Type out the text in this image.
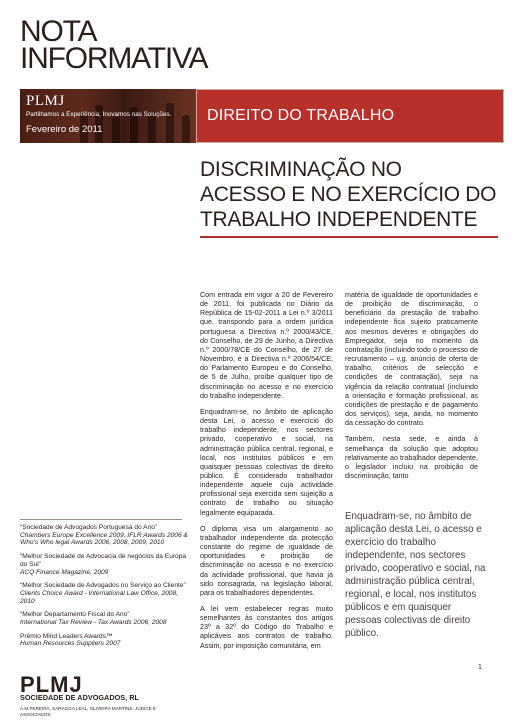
NOTA
INFORMATIVA
PLMJ
Partilhamos a Experiência, Inovamos nas Soluções.
Fevereiro de 2011
DIREITO DO TRABALHO
DISCRIMINAÇÃO NO
ACESSO E NO EXERCÍCIO DO
TRABALHO INDEPENDENTE

Com entrada em vigor a 20 de Fevereiro de 2011, foi publicada no Diário da República de 15-02-2011 a Lei n.º 3/2011 que, transpondo para a ordem jurídica portuguesa a Directiva n.º 2000/43/CE, do Conselho, de 29 de Junho, a Directiva n.º 2000/78/CE do Conselho, de 27 de Novembro, e a Directiva n.º 2006/54/CE, do Parlamento Europeu e do Conselho, de 5 de Julho, proíbe qualquer tipo de discriminação no acesso e no exercício do trabalho independente.

Enquadram-se, no âmbito de aplicação desta Lei, o acesso e exercício do trabalho independente, nos sectores privado, cooperativo e social, na administração pública central, regional, e local, nos institutos públicos e em quaisquer pessoas colectivas de direito público. É considerado trabalhador independente aquele cuja actividade profissional seja exercida sem sujeição a contrato de trabalho ou situação legalmente equiparada.

O diploma visa um alargamento ao trabalhador independente da protecção constante do regime de igualdade de oportunidades e proibição de discriminação no acesso e no exercício da actividade profissional, que havia já sido consagrada, na legislação laboral, para os trabalhadores dependentes.

A lei vem estabelecer regras muito semelhantes às constantes dos artigos 23º a 32º do Código do Trabalho e aplicáveis aos contratos de trabalho. Assim, por imposição comunitária, em

matéria de igualdade de oportunidades e de proibição de discriminação, o beneficiário da prestação de trabalho independente fica sujeito praticamente aos mesmos deveres e obrigações do Empregador, seja no momento da contratação (incluindo todo o processo de recrutamento – v.g. anúncio de oferta de trabalho, critérios de selecção e condições de contratação), seja na vigência da relação contratual (incluindo a orientação e formação profissional, as condições de prestação e de pagamento dos serviços), seja, ainda, no momento da cessação do contrato.

Também, nesta sede, e ainda à semelhança da solução que adoptou relativamente ao trabalhador dependente, o legislador incluiu na proibição de discriminação, tanto

Enquadram-se, no âmbito de aplicação desta Lei, o acesso e exercício do trabalho independente, nos sectores privado, cooperativo e social, na administração pública central, regional, e local, nos institutos públicos e em quaisquer pessoas colectivas de direito público.
“Sociedade de Advogados Portuguesa do Ano”
Chambers Europe Excellence 2009, IFLR Awards 2006 & Who's Who legal Awards 2006, 2008, 2009, 2010
“Melhor Sociedade de Advocacia de negócios da Europa do Sul”
ACQ Finance Magazine, 2009
“Melhor Sociedade de Advogados no Serviço ao Cliente”
Clients Choice Award - International Law Office, 2008, 2010
“Melhor Departamento Fiscal do Ano”
International Tax Review - Tax Awards 2006, 2008
Prémio Mind Leaders Awards™
Human Resources Suppliers 2007
PLMJ
SOCIEDADE DE ADVOGADOS, RL
A.M.PEREIRA, SÁRAGGA LEAL, OLIVEIRA MARTINS, JÚDICE E ASSOCIADOS
1
